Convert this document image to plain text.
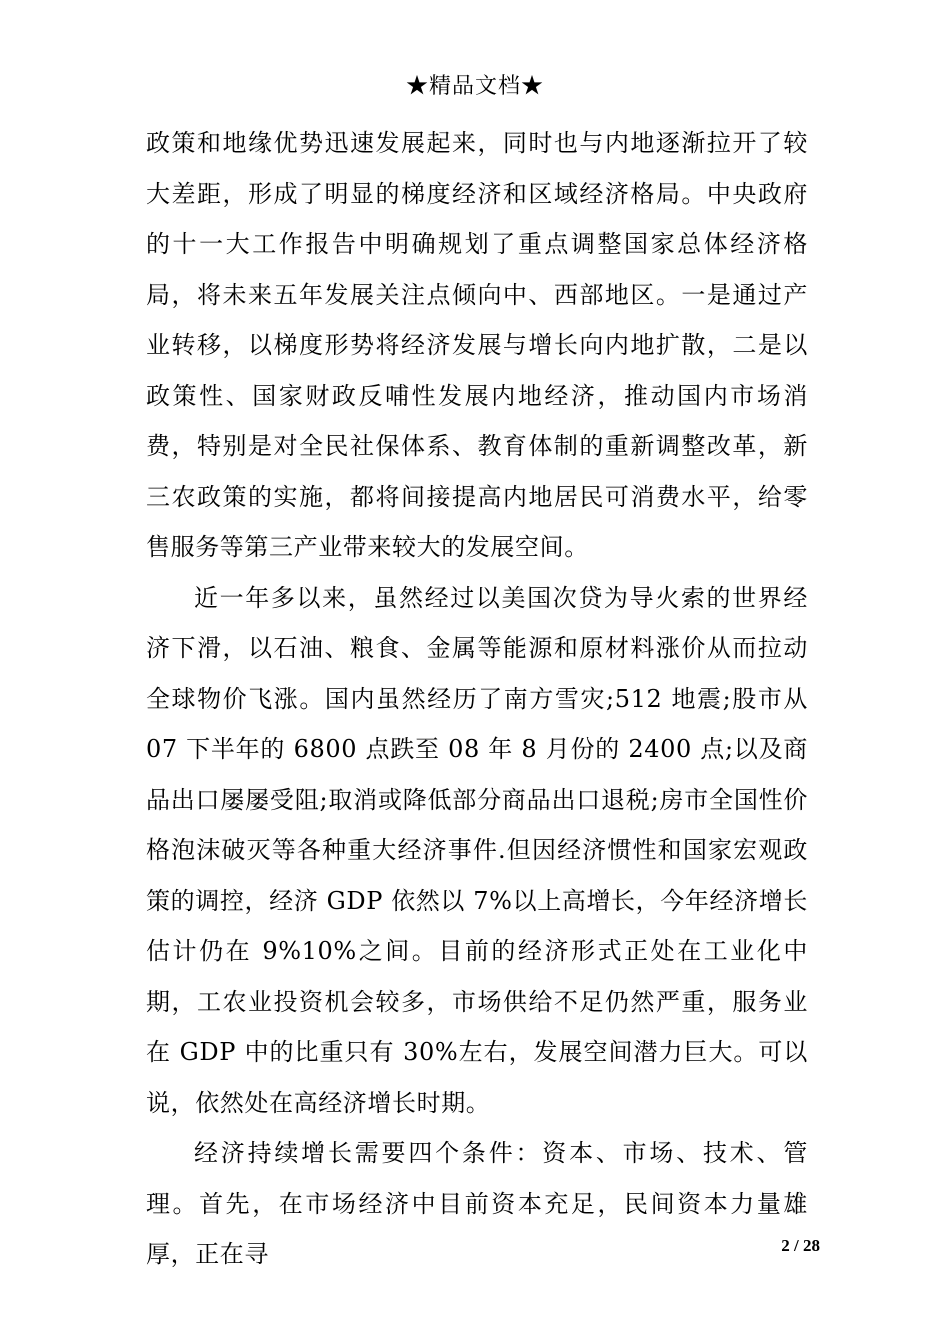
★精品文档★

政策和地缘优势迅速发展起来，同时也与内地逐渐拉开了较大差距，形成了明显的梯度经济和区域经济格局。中央政府的十一大工作报告中明确规划了重点调整国家总体经济格局，将未来五年发展关注点倾向中、西部地区。一是通过产业转移，以梯度形势将经济发展与增长向内地扩散，二是以政策性、国家财政反哺性发展内地经济，推动国内市场消费，特别是对全民社保体系、教育体制的重新调整改革，新三农政策的实施，都将间接提高内地居民可消费水平，给零售服务等第三产业带来较大的发展空间。

近一年多以来，虽然经过以美国次贷为导火索的世界经济下滑，以石油、粮食、金属等能源和原材料涨价从而拉动全球物价飞涨。国内虽然经历了南方雪灾;512 地震;股市从 07 下半年的 6800 点跌至 08 年 8 月份的 2400 点;以及商品出口屡屡受阻;取消或降低部分商品出口退税;房市全国性价格泡沫破灭等各种重大经济事件.但因经济惯性和国家宏观政策的调控，经济 GDP 依然以 7%以上高增长，今年经济增长估计仍在 9%10%之间。目前的经济形式正处在工业化中期，工农业投资机会较多，市场供给不足仍然严重，服务业在 GDP 中的比重只有 30%左右，发展空间潜力巨大。可以说，依然处在高经济增长时期。

经济持续增长需要四个条件：资本、市场、技术、管理。首先，在市场经济中目前资本充足，民间资本力量雄厚，正在寻	2 / 28
